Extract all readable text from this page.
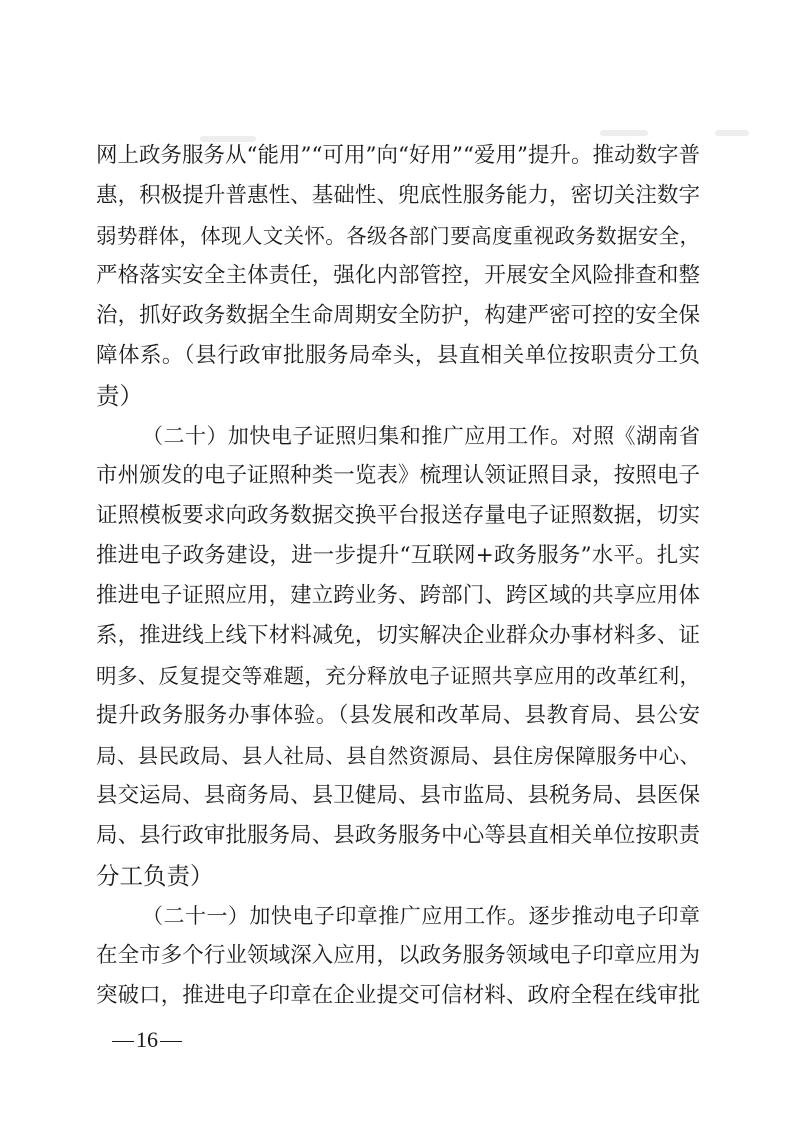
网上政务服务从“能用”“可用”向“好用”“爱用”提升。推动数字普
惠，积极提升普惠性、基础性、兜底性服务能力，密切关注数字
弱势群体，体现人文关怀。各级各部门要高度重视政务数据安全，
严格落实安全主体责任，强化内部管控，开展安全风险排查和整
治，抓好政务数据全生命周期安全防护，构建严密可控的安全保
障体系。（县行政审批服务局牵头，县直相关单位按职责分工负
责）
（二十）加快电子证照归集和推广应用工作。对照《湖南省
市州颁发的电子证照种类一览表》梳理认领证照目录，按照电子
证照模板要求向政务数据交换平台报送存量电子证照数据，切实
推进电子政务建设，进一步提升“互联网+政务服务”水平。扎实
推进电子证照应用，建立跨业务、跨部门、跨区域的共享应用体
系，推进线上线下材料减免，切实解决企业群众办事材料多、证
明多、反复提交等难题，充分释放电子证照共享应用的改革红利，
提升政务服务办事体验。（县发展和改革局、县教育局、县公安
局、县民政局、县人社局、县自然资源局、县住房保障服务中心、
县交运局、县商务局、县卫健局、县市监局、县税务局、县医保
局、县行政审批服务局、县政务服务中心等县直相关单位按职责
分工负责）
（二十一）加快电子印章推广应用工作。逐步推动电子印章
在全市多个行业领域深入应用，以政务服务领域电子印章应用为
突破口，推进电子印章在企业提交可信材料、政府全程在线审批
16
